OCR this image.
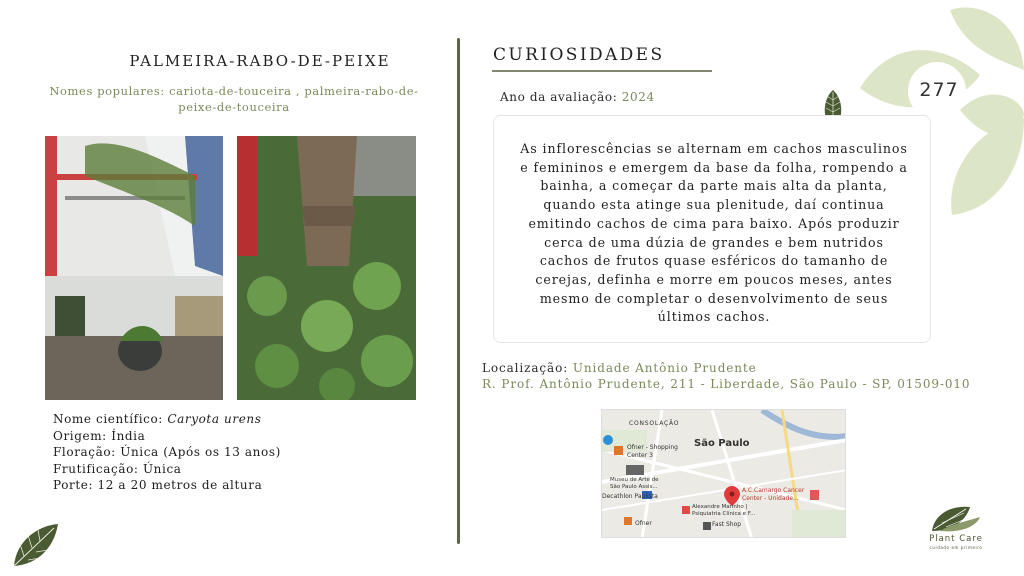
277
PALMEIRA-RABO-DE-PEIXE
Nomes populares: cariota-de-touceira , palmeira-rabo-de-peixe-de-touceira
Nome científico: Caryota urens
Origem: Índia
Floração: Única (Após os 13 anos)
Frutificação: Única
Porte: 12 a 20 metros de altura
CURIOSIDADES
Ano da avaliação: 2024
As inflorescências se alternam em cachos masculinos e femininos e emergem da base da folha, rompendo a bainha, a começar da parte mais alta da planta, quando esta atinge sua plenitude, daí continua emitindo cachos de cima para baixo. Após produzir cerca de uma dúzia de grandes e bem nutridos cachos de frutos quase esféricos do tamanho de cerejas, definha e morre em poucos meses, antes mesmo de completar o desenvolvimento de seus últimos cachos.
Localização: Unidade Antônio Prudente
R. Prof. Antônio Prudente, 211 - Liberdade, São Paulo - SP, 01509-010
CONSOLAÇÃO
São Paulo
Ofner - Shopping
Center 3
Museu de Arte de
São Paulo Assis...
Decathlon Paulista
A.C.Camargo Cancer
Center - Unidade...
Alexandre Marinho |
Psiquiatria Clínica e F...
Ofner	Fast Shop
Plant Care
cuidado em primeiro
